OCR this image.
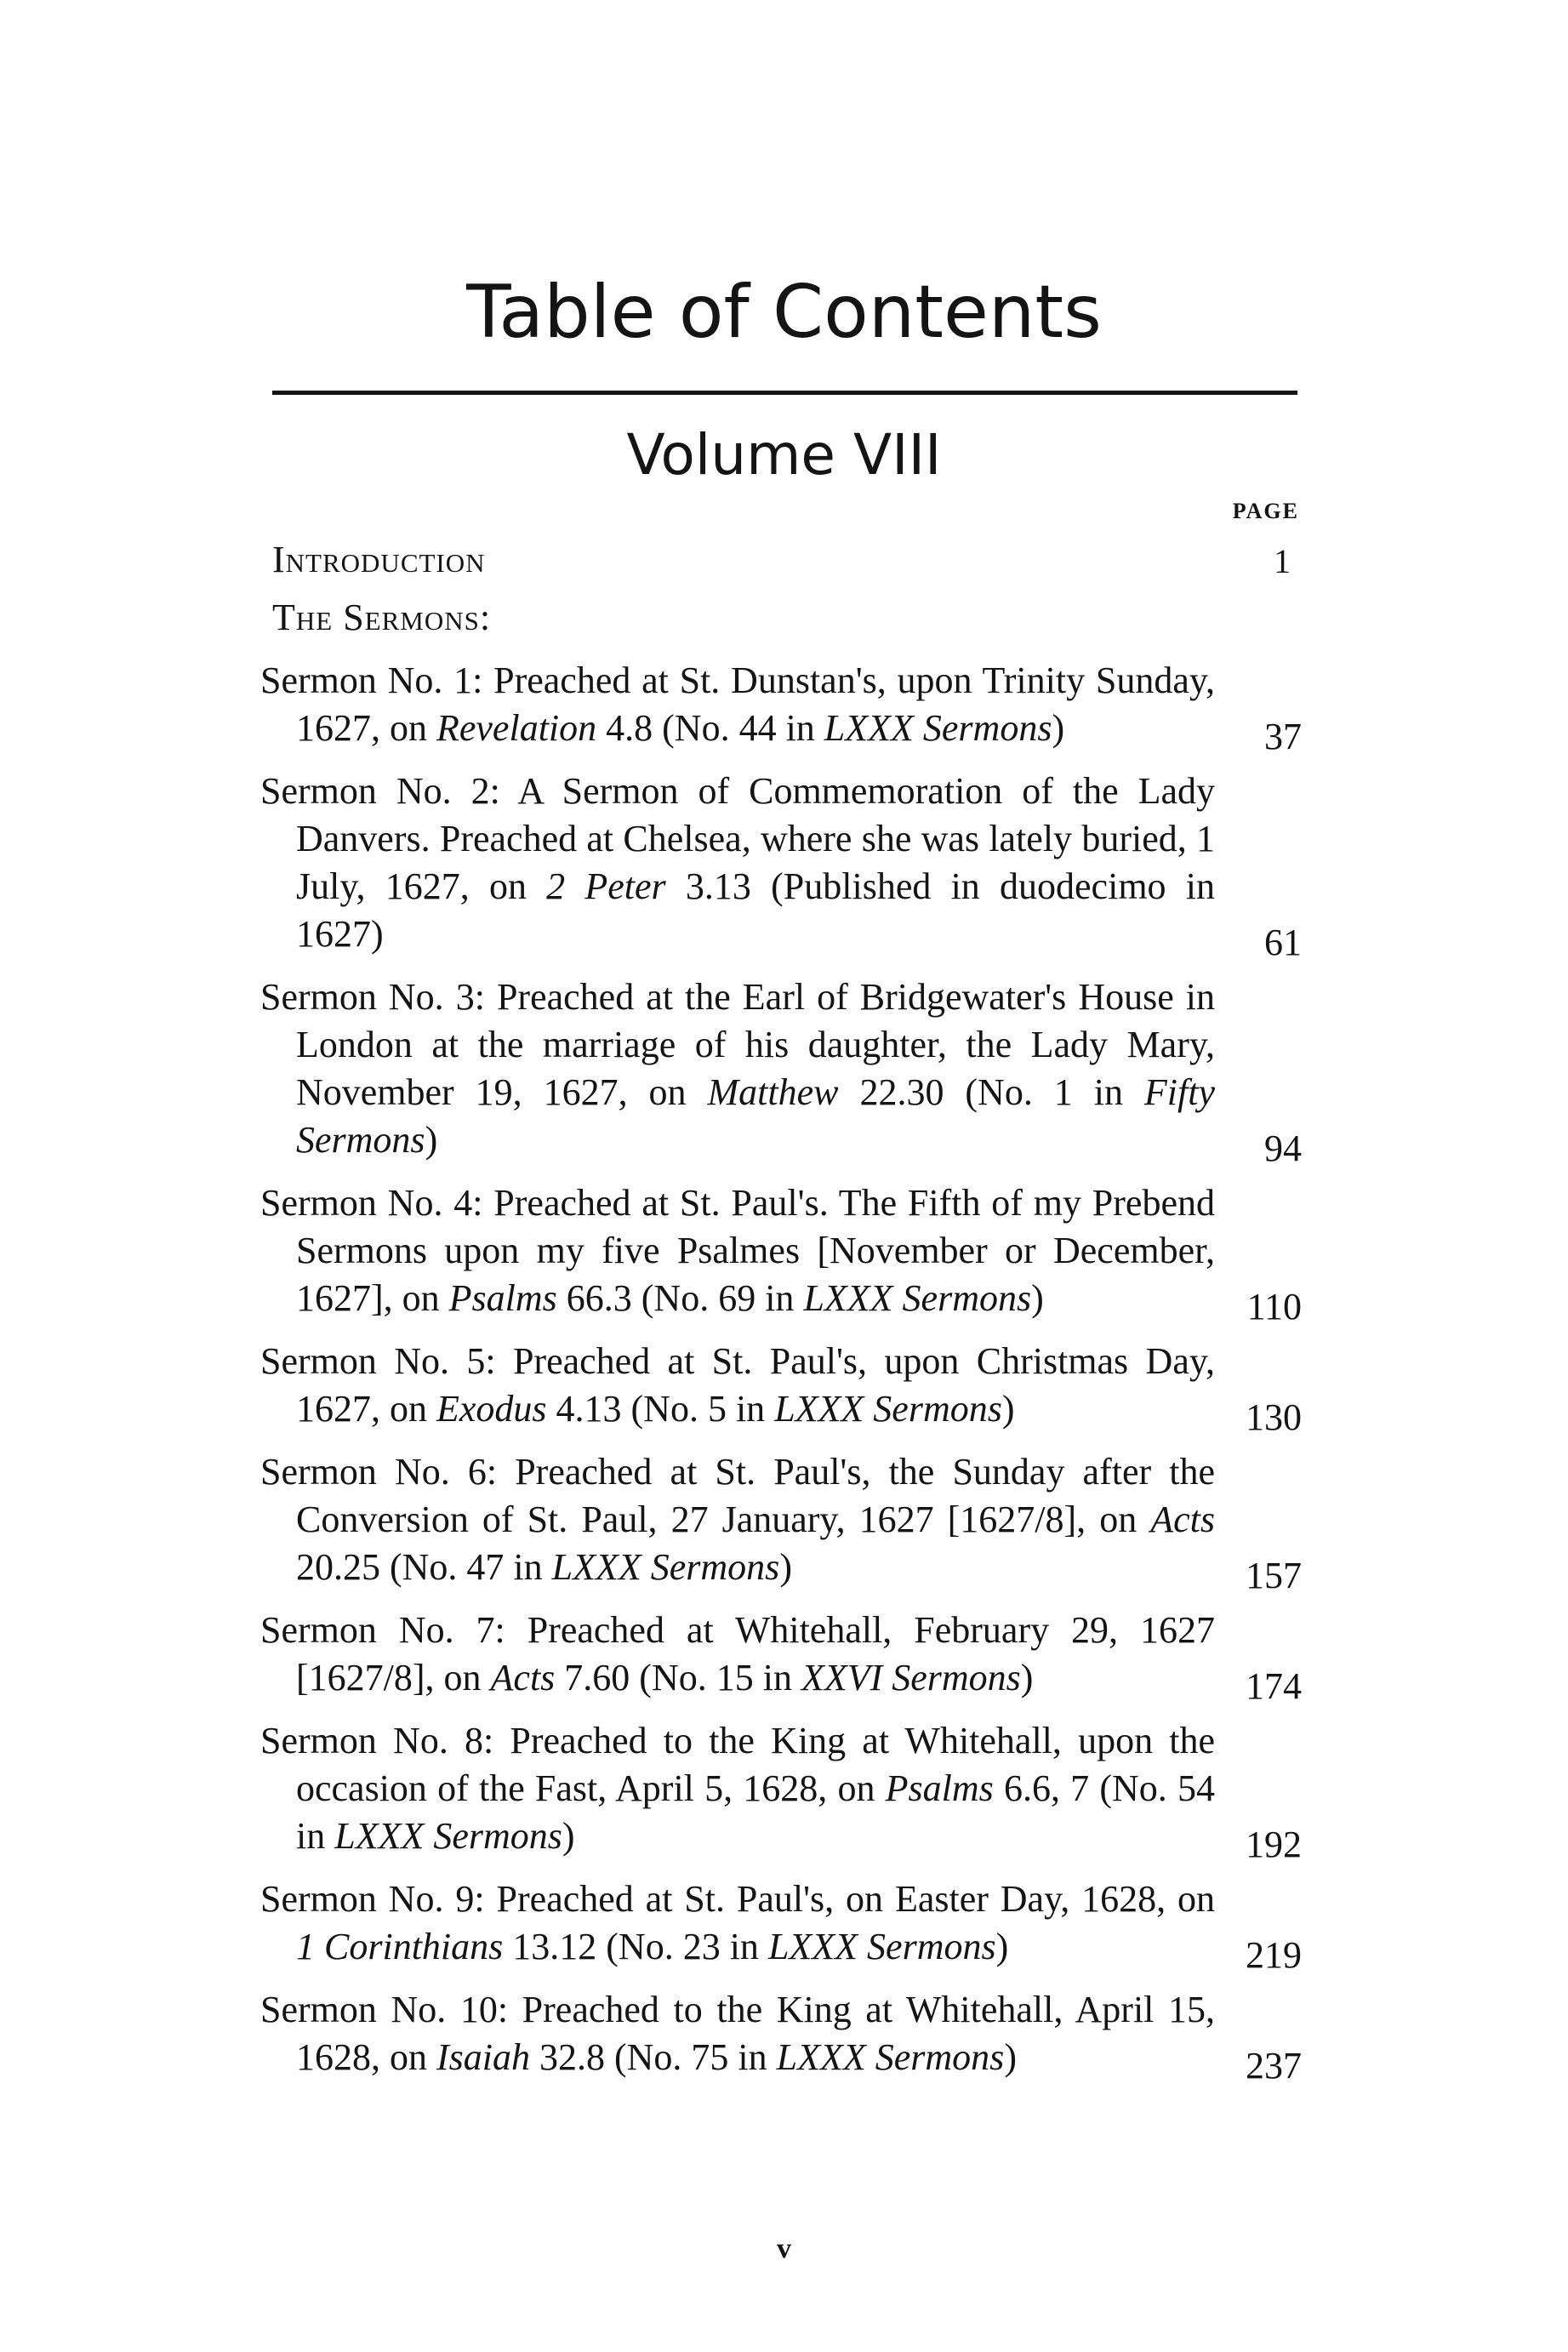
Table of Contents
Volume VIII
PAGE
Introduction	1
The Sermons:
Sermon No. 1: Preached at St. Dunstan's, upon Trinity Sunday, 1627, on Revelation 4.8 (No. 44 in LXXX Sermons)	37
Sermon No. 2: A Sermon of Commemoration of the Lady Danvers. Preached at Chelsea, where she was lately buried, 1 July, 1627, on 2 Peter 3.13 (Published in duodecimo in 1627)	61
Sermon No. 3: Preached at the Earl of Bridgewater's House in London at the marriage of his daughter, the Lady Mary, November 19, 1627, on Matthew 22.30 (No. 1 in Fifty Sermons)	94
Sermon No. 4: Preached at St. Paul's. The Fifth of my Prebend Sermons upon my five Psalmes [November or December, 1627], on Psalms 66.3 (No. 69 in LXXX Sermons)	110
Sermon No. 5: Preached at St. Paul's, upon Christmas Day, 1627, on Exodus 4.13 (No. 5 in LXXX Sermons)	130
Sermon No. 6: Preached at St. Paul's, the Sunday after the Conversion of St. Paul, 27 January, 1627 [1627/8], on Acts 20.25 (No. 47 in LXXX Sermons)	157
Sermon No. 7: Preached at Whitehall, February 29, 1627 [1627/8], on Acts 7.60 (No. 15 in XXVI Sermons)	174
Sermon No. 8: Preached to the King at Whitehall, upon the occasion of the Fast, April 5, 1628, on Psalms 6.6, 7 (No. 54 in LXXX Sermons)	192
Sermon No. 9: Preached at St. Paul's, on Easter Day, 1628, on 1 Corinthians 13.12 (No. 23 in LXXX Sermons)	219
Sermon No. 10: Preached to the King at Whitehall, April 15, 1628, on Isaiah 32.8 (No. 75 in LXXX Sermons)	237
v
